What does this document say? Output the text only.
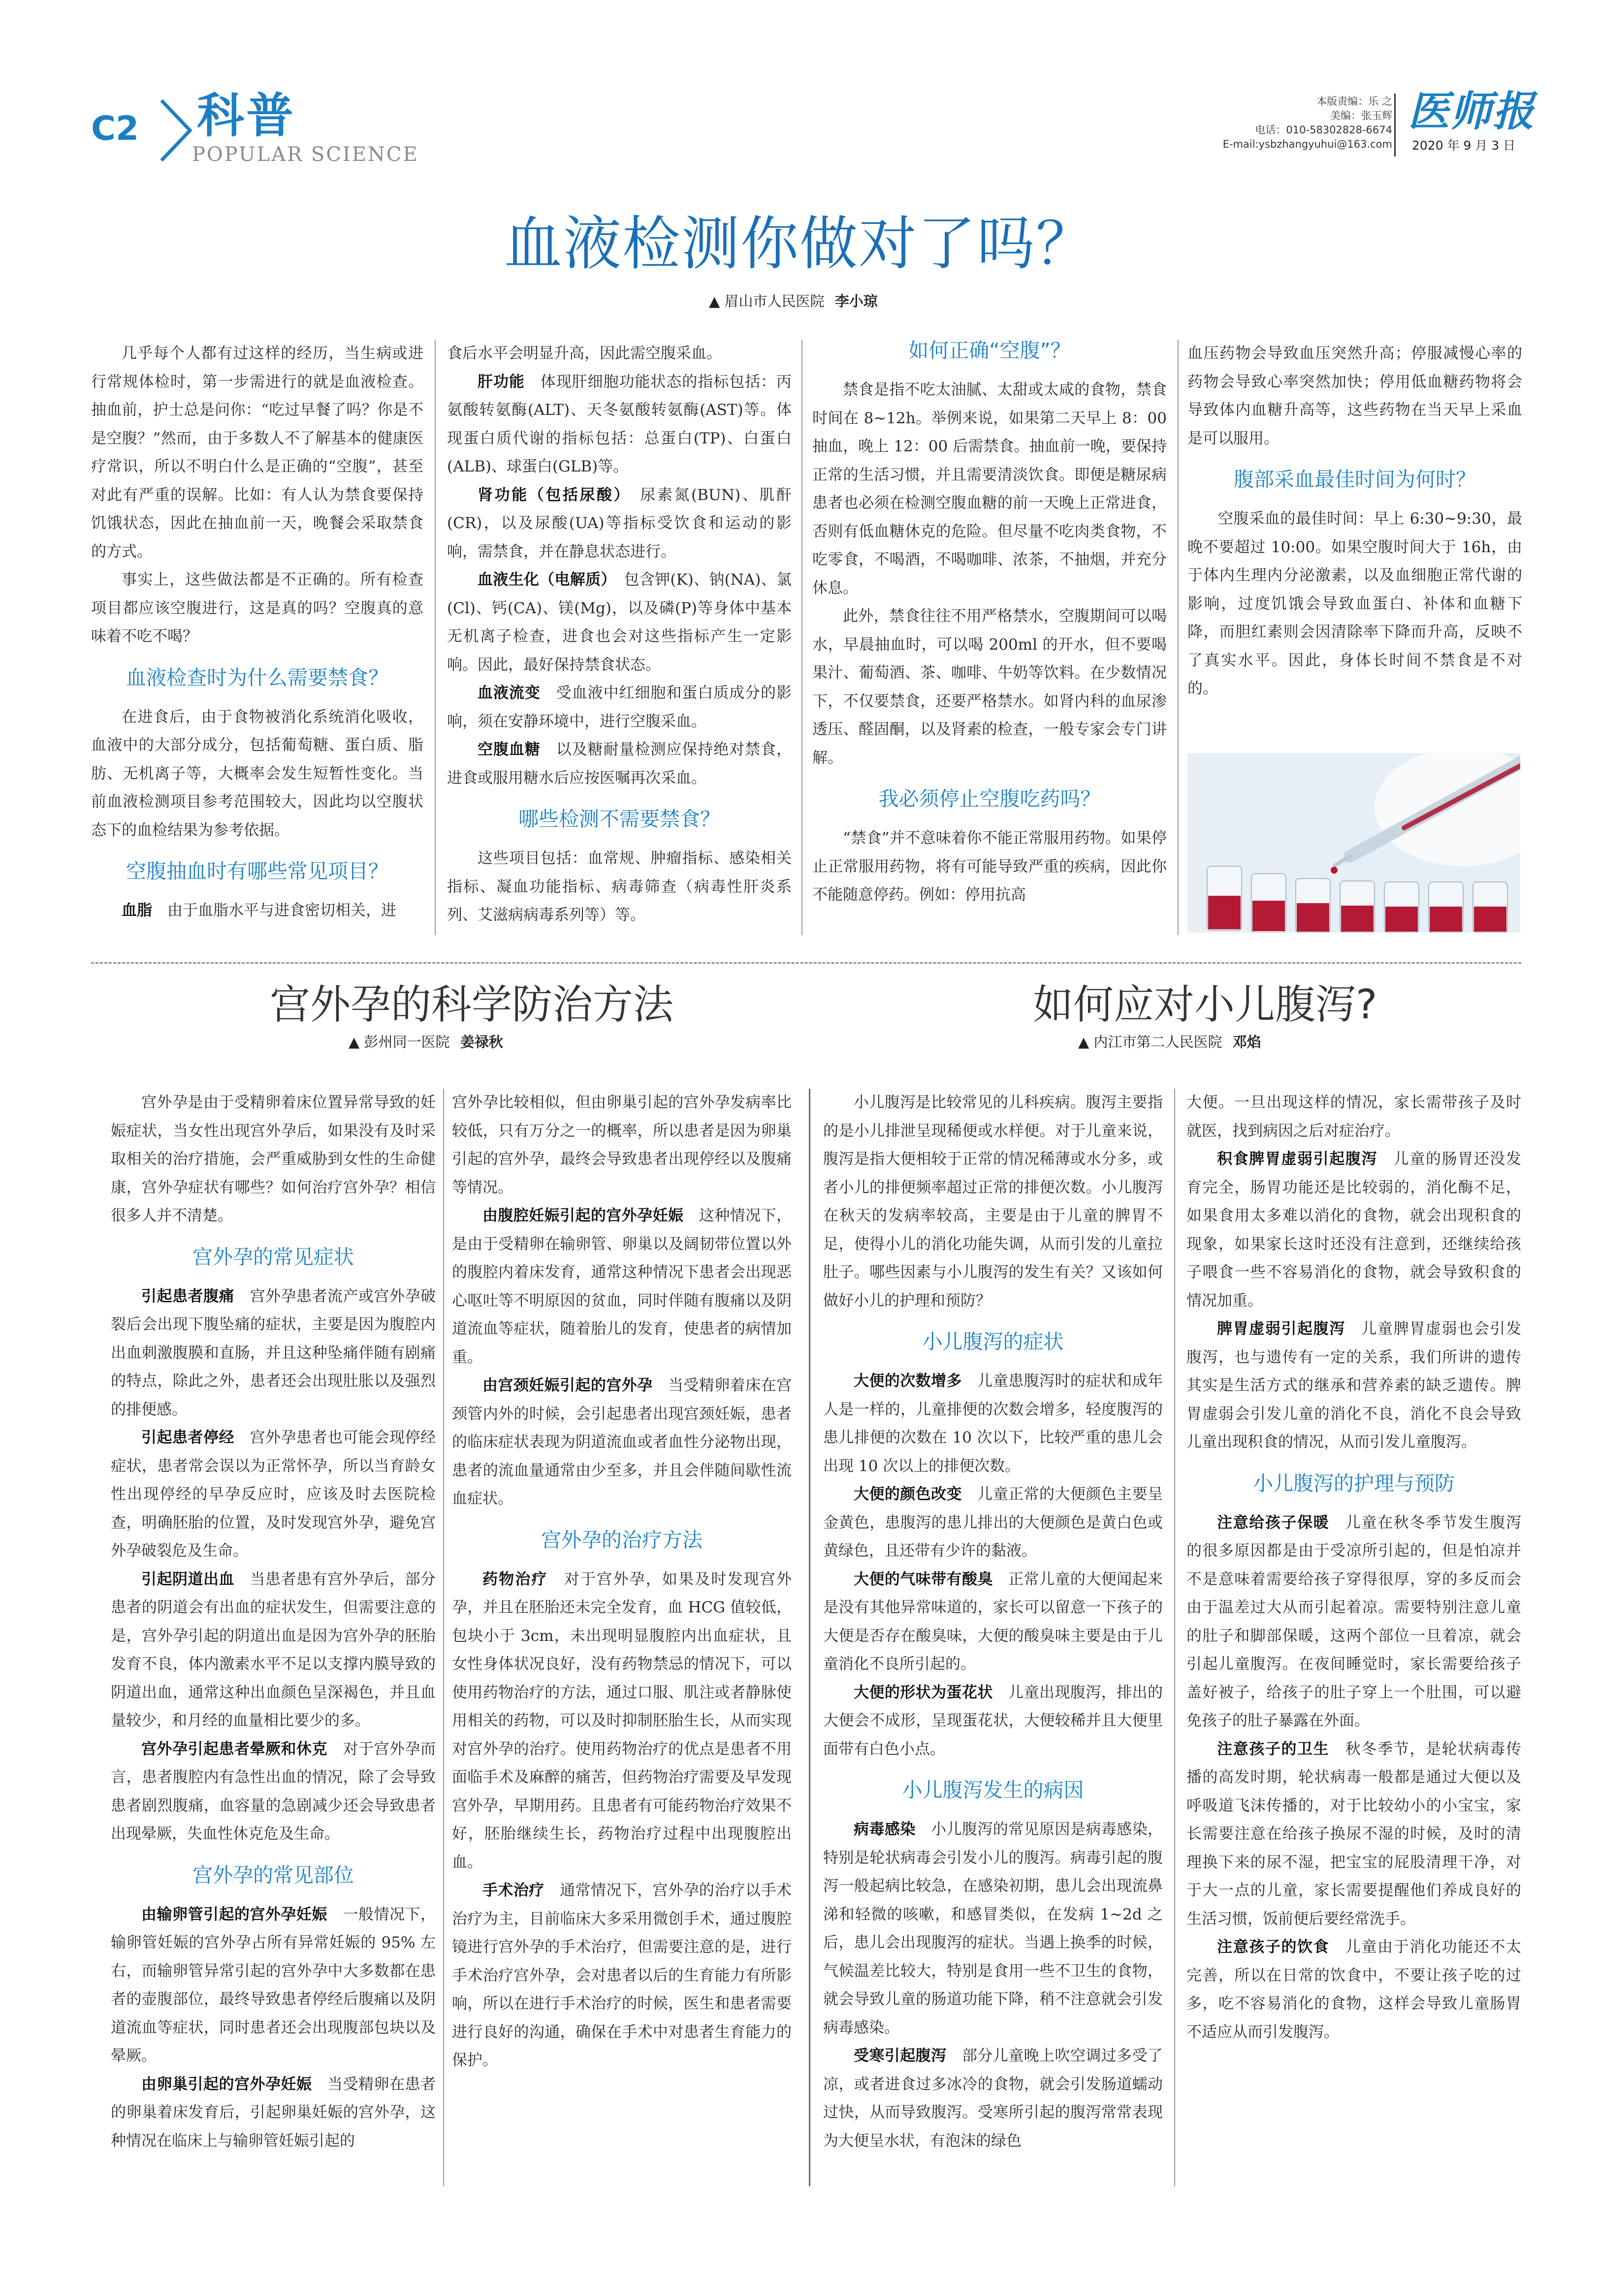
C2 科普
POPULAR SCIENCE
本版责编：乐 之
美编：张玉辉
电话：010-58302828-6674
E-mail:ysbzhangyuhui@163.com
医师报
2020 年 9 月 3 日
血液检测你做对了吗？
▲ 眉山市人民医院 李小琼

几乎每个人都有过这样的经历，当生病或进行常规体检时，第一步需进行的就是血液检查。抽血前，护士总是问你：“吃过早餐了吗？你是不是空腹？”然而，由于多数人不了解基本的健康医疗常识，所以不明白什么是正确的“空腹”，甚至对此有严重的误解。比如：有人认为禁食要保持饥饿状态，因此在抽血前一天，晚餐会采取禁食的方式。

事实上，这些做法都是不正确的。所有检查项目都应该空腹进行，这是真的吗？空腹真的意味着不吃不喝？

血液检查时为什么需要禁食？

在进食后，由于食物被消化系统消化吸收，血液中的大部分成分，包括葡萄糖、蛋白质、脂肪、无机离子等，大概率会发生短暂性变化。当前血液检测项目参考范围较大，因此均以空腹状态下的血检结果为参考依据。

空腹抽血时有哪些常见项目？

血脂　由于血脂水平与进食密切相关，进

食后水平会明显升高，因此需空腹采血。

肝功能　体现肝细胞功能状态的指标包括：丙氨酸转氨酶(ALT)、天冬氨酸转氨酶(AST)等。体现蛋白质代谢的指标包括：总蛋白(TP)、白蛋白(ALB)、球蛋白(GLB)等。

肾功能（包括尿酸）　尿素氮(BUN)、肌酐(CR)，以及尿酸(UA)等指标受饮食和运动的影响，需禁食，并在静息状态进行。

血液生化（电解质）　包含钾(K)、钠(NA)、氯(Cl)、钙(CA)、镁(Mg)，以及磷(P)等身体中基本无机离子检查，进食也会对这些指标产生一定影响。因此，最好保持禁食状态。

血液流变　受血液中红细胞和蛋白质成分的影响，须在安静环境中，进行空腹采血。

空腹血糖　以及糖耐量检测应保持绝对禁食，进食或服用糖水后应按医嘱再次采血。

哪些检测不需要禁食？

这些项目包括：血常规、肿瘤指标、感染相关指标、凝血功能指标、病毒筛查（病毒性肝炎系列、艾滋病病毒系列等）等。

如何正确“空腹”？

禁食是指不吃太油腻、太甜或太咸的食物，禁食时间在 8~12h。举例来说，如果第二天早上 8：00 抽血，晚上 12：00 后需禁食。抽血前一晚，要保持正常的生活习惯，并且需要清淡饮食。即便是糖尿病患者也必须在检测空腹血糖的前一天晚上正常进食，否则有低血糖休克的危险。但尽量不吃肉类食物，不吃零食，不喝酒，不喝咖啡、浓茶，不抽烟，并充分休息。

此外，禁食往往不用严格禁水，空腹期间可以喝水，早晨抽血时，可以喝 200ml 的开水，但不要喝果汁、葡萄酒、茶、咖啡、牛奶等饮料。在少数情况下，不仅要禁食，还要严格禁水。如肾内科的血尿渗透压、醛固酮，以及肾素的检查，一般专家会专门讲解。

我必须停止空腹吃药吗？

“禁食”并不意味着你不能正常服用药物。如果停止正常服用药物，将有可能导致严重的疾病，因此你不能随意停药。例如：停用抗高

血压药物会导致血压突然升高；停服减慢心率的药物会导致心率突然加快；停用低血糖药物将会导致体内血糖升高等，这些药物在当天早上采血是可以服用。

腹部采血最佳时间为何时？

空腹采血的最佳时间：早上 6:30~9:30，最晚不要超过 10:00。如果空腹时间大于 16h，由于体内生理内分泌激素，以及血细胞正常代谢的影响，过度饥饿会导致血蛋白、补体和血糖下降，而胆红素则会因清除率下降而升高，反映不了真实水平。因此，身体长时间不禁食是不对的。

宫外孕的科学防治方法
▲ 彭州同一医院 姜禄秋

宫外孕是由于受精卵着床位置异常导致的妊娠症状，当女性出现宫外孕后，如果没有及时采取相关的治疗措施，会严重威胁到女性的生命健康，宫外孕症状有哪些？如何治疗宫外孕？相信很多人并不清楚。

宫外孕的常见症状

引起患者腹痛　宫外孕患者流产或宫外孕破裂后会出现下腹坠痛的症状，主要是因为腹腔内出血刺激腹膜和直肠，并且这种坠痛伴随有剧痛的特点，除此之外，患者还会出现肚胀以及强烈的排便感。

引起患者停经　宫外孕患者也可能会现停经症状，患者常会误以为正常怀孕，所以当育龄女性出现停经的早孕反应时，应该及时去医院检查，明确胚胎的位置，及时发现宫外孕，避免宫外孕破裂危及生命。

引起阴道出血　当患者患有宫外孕后，部分患者的阴道会有出血的症状发生，但需要注意的是，宫外孕引起的阴道出血是因为宫外孕的胚胎发育不良，体内激素水平不足以支撑内膜导致的阴道出血，通常这种出血颜色呈深褐色，并且血量较少，和月经的血量相比要少的多。

宫外孕引起患者晕厥和休克　对于宫外孕而言，患者腹腔内有急性出血的情况，除了会导致患者剧烈腹痛，血容量的急剧减少还会导致患者出现晕厥，失血性休克危及生命。

宫外孕的常见部位

由输卵管引起的宫外孕妊娠　一般情况下，输卵管妊娠的宫外孕占所有异常妊娠的 95% 左右，而输卵管异常引起的宫外孕中大多数都在患者的壶腹部位，最终导致患者停经后腹痛以及阴道流血等症状，同时患者还会出现腹部包块以及晕厥。

由卵巢引起的宫外孕妊娠　当受精卵在患者的卵巢着床发育后，引起卵巢妊娠的宫外孕，这种情况在临床上与输卵管妊娠引起的

宫外孕比较相似，但由卵巢引起的宫外孕发病率比较低，只有万分之一的概率，所以患者是因为卵巢引起的宫外孕，最终会导致患者出现停经以及腹痛等情况。

由腹腔妊娠引起的宫外孕妊娠　这种情况下，是由于受精卵在输卵管、卵巢以及阔韧带位置以外的腹腔内着床发育，通常这种情况下患者会出现恶心呕吐等不明原因的贫血，同时伴随有腹痛以及阴道流血等症状，随着胎儿的发育，使患者的病情加重。

由宫颈妊娠引起的宫外孕　当受精卵着床在宫颈管内外的时候，会引起患者出现宫颈妊娠，患者的临床症状表现为阴道流血或者血性分泌物出现，患者的流血量通常由少至多，并且会伴随间歇性流血症状。

宫外孕的治疗方法

药物治疗　对于宫外孕，如果及时发现宫外孕，并且在胚胎还未完全发育，血 HCG 值较低，包块小于 3cm，未出现明显腹腔内出血症状，且女性身体状况良好，没有药物禁忌的情况下，可以使用药物治疗的方法，通过口服、肌注或者静脉使用相关的药物，可以及时抑制胚胎生长，从而实现对宫外孕的治疗。使用药物治疗的优点是患者不用面临手术及麻醉的痛苦，但药物治疗需要及早发现宫外孕，早期用药。且患者有可能药物治疗效果不好，胚胎继续生长，药物治疗过程中出现腹腔出血。

手术治疗　通常情况下，宫外孕的治疗以手术治疗为主，目前临床大多采用微创手术，通过腹腔镜进行宫外孕的手术治疗，但需要注意的是，进行手术治疗宫外孕，会对患者以后的生育能力有所影响，所以在进行手术治疗的时候，医生和患者需要进行良好的沟通，确保在手术中对患者生育能力的保护。

如何应对小儿腹泻?
▲ 内江市第二人民医院 邓焰

小儿腹泻是比较常见的儿科疾病。腹泻主要指的是小儿排泄呈现稀便或水样便。对于儿童来说，腹泻是指大便相较于正常的情况稀薄或水分多，或者小儿的排便频率超过正常的排便次数。小儿腹泻在秋天的发病率较高，主要是由于儿童的脾胃不足，使得小儿的消化功能失调，从而引发的儿童拉肚子。哪些因素与小儿腹泻的发生有关？又该如何做好小儿的护理和预防？

小儿腹泻的症状

大便的次数增多　儿童患腹泻时的症状和成年人是一样的，儿童排便的次数会增多，轻度腹泻的患儿排便的次数在 10 次以下，比较严重的患儿会出现 10 次以上的排便次数。

大便的颜色改变　儿童正常的大便颜色主要呈金黄色，患腹泻的患儿排出的大便颜色是黄白色或黄绿色，且还带有少许的黏液。

大便的气味带有酸臭　正常儿童的大便闻起来是没有其他异常味道的，家长可以留意一下孩子的大便是否存在酸臭味，大便的酸臭味主要是由于儿童消化不良所引起的。

大便的形状为蛋花状　儿童出现腹泻，排出的大便会不成形，呈现蛋花状，大便较稀并且大便里面带有白色小点。

小儿腹泻发生的病因

病毒感染　小儿腹泻的常见原因是病毒感染，特别是轮状病毒会引发小儿的腹泻。病毒引起的腹泻一般起病比较急，在感染初期，患儿会出现流鼻涕和轻微的咳嗽，和感冒类似，在发病 1~2d 之后，患儿会出现腹泻的症状。当遇上换季的时候，气候温差比较大，特别是食用一些不卫生的食物，就会导致儿童的肠道功能下降，稍不注意就会引发病毒感染。

受寒引起腹泻　部分儿童晚上吹空调过多受了凉，或者进食过多冰冷的食物，就会引发肠道蠕动过快，从而导致腹泻。受寒所引起的腹泻常常表现为大便呈水状，有泡沫的绿色

大便。一旦出现这样的情况，家长需带孩子及时就医，找到病因之后对症治疗。

积食脾胃虚弱引起腹泻　儿童的肠胃还没发育完全，肠胃功能还是比较弱的，消化酶不足，如果食用太多难以消化的食物，就会出现积食的现象，如果家长这时还没有注意到，还继续给孩子喂食一些不容易消化的食物，就会导致积食的情况加重。

脾胃虚弱引起腹泻　儿童脾胃虚弱也会引发腹泻，也与遗传有一定的关系，我们所讲的遗传其实是生活方式的继承和营养素的缺乏遗传。脾胃虚弱会引发儿童的消化不良，消化不良会导致儿童出现积食的情况，从而引发儿童腹泻。

小儿腹泻的护理与预防

注意给孩子保暖　儿童在秋冬季节发生腹泻的很多原因都是由于受凉所引起的，但是怕凉并不是意味着需要给孩子穿得很厚，穿的多反而会由于温差过大从而引起着凉。需要特别注意儿童的肚子和脚部保暖，这两个部位一旦着凉，就会引起儿童腹泻。在夜间睡觉时，家长需要给孩子盖好被子，给孩子的肚子穿上一个肚围，可以避免孩子的肚子暴露在外面。

注意孩子的卫生　秋冬季节，是轮状病毒传播的高发时期，轮状病毒一般都是通过大便以及呼吸道飞沫传播的，对于比较幼小的小宝宝，家长需要注意在给孩子换尿不湿的时候，及时的清理换下来的尿不湿，把宝宝的屁股清理干净，对于大一点的儿童，家长需要提醒他们养成良好的生活习惯，饭前便后要经常洗手。

注意孩子的饮食　儿童由于消化功能还不太完善，所以在日常的饮食中，不要让孩子吃的过多，吃不容易消化的食物，这样会导致儿童肠胃不适应从而引发腹泻。
